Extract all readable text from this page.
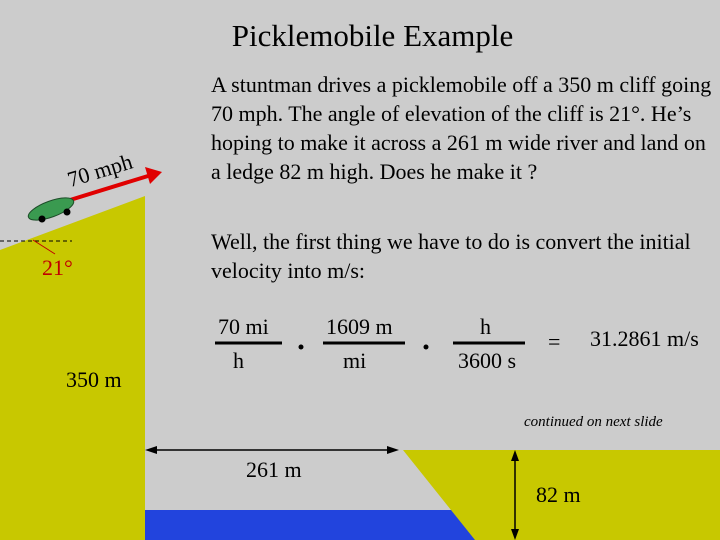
Picklemobile Example
A stuntman drives a picklemobile off a 350 m cliff going 70 mph. The angle of elevation of the cliff is 21°. He’s hoping to make it across a 261 m wide river and land on a ledge 82 m high. Does he make it ?
Well, the first thing we have to do is convert the initial velocity into m/s:
70 mph
21°
350 m
261 m
82 m
70 mi
h
1609 m
mi
h
3600 s
= 31.2861 m/s
continued on next slide
